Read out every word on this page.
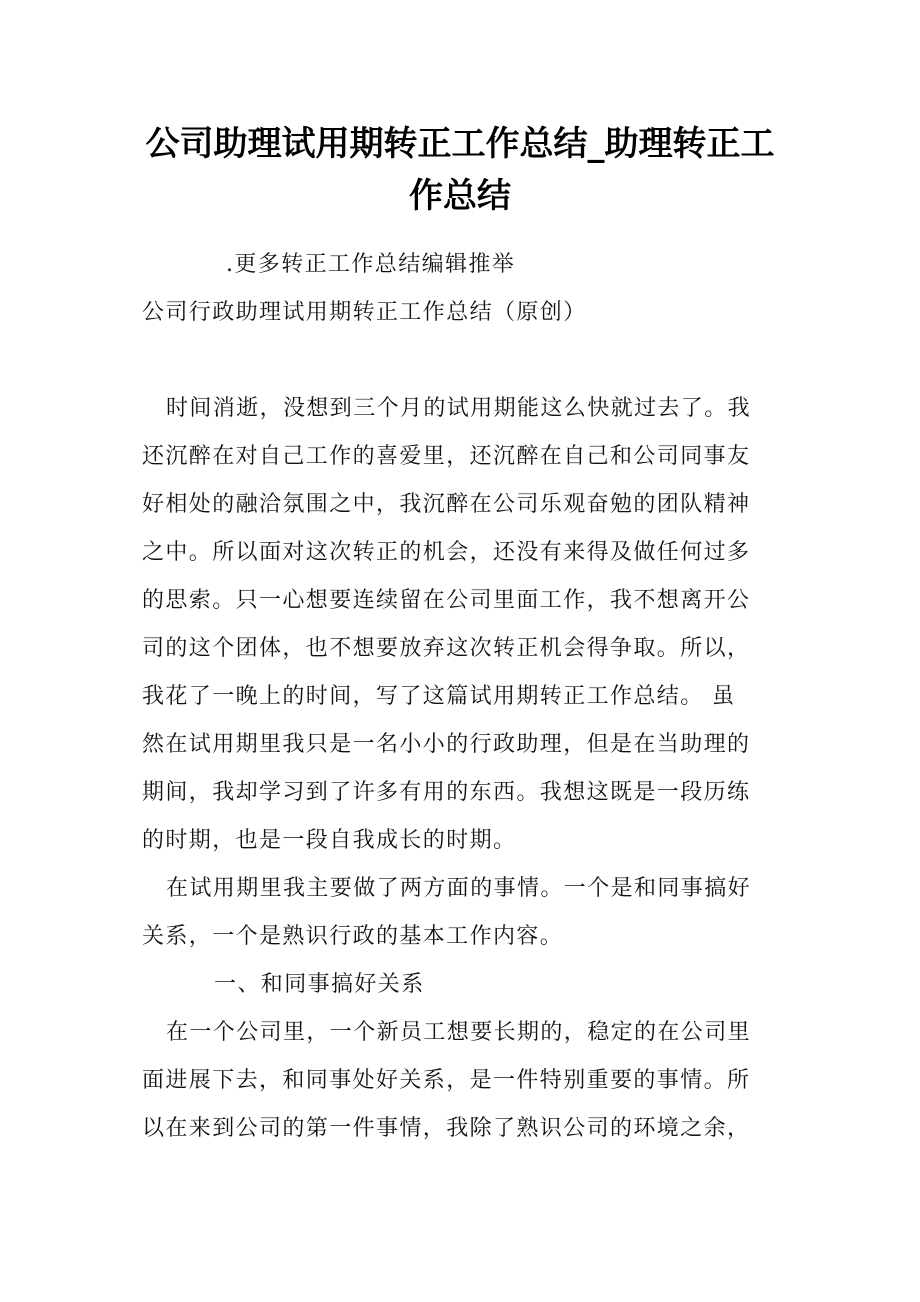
公司助理试用期转正工作总结_助理转正工
作总结
.更多转正工作总结编辑推举
公司行政助理试用期转正工作总结（原创）
时间消逝，没想到三个月的试用期能这么快就过去了。我
还沉醉在对自己工作的喜爱里，还沉醉在自己和公司同事友
好相处的融洽氛围之中，我沉醉在公司乐观奋勉的团队精神
之中。所以面对这次转正的机会，还没有来得及做任何过多
的思索。只一心想要连续留在公司里面工作，我不想离开公
司的这个团体，也不想要放弃这次转正机会得争取。所以，
我花了一晚上的时间，写了这篇试用期转正工作总结。 虽
然在试用期里我只是一名小小的行政助理，但是在当助理的
期间，我却学习到了许多有用的东西。我想这既是一段历练
的时期，也是一段自我成长的时期。
在试用期里我主要做了两方面的事情。一个是和同事搞好
关系，一个是熟识行政的基本工作内容。
一、和同事搞好关系
在一个公司里，一个新员工想要长期的，稳定的在公司里
面进展下去，和同事处好关系，是一件特别重要的事情。所
以在来到公司的第一件事情，我除了熟识公司的环境之余，
